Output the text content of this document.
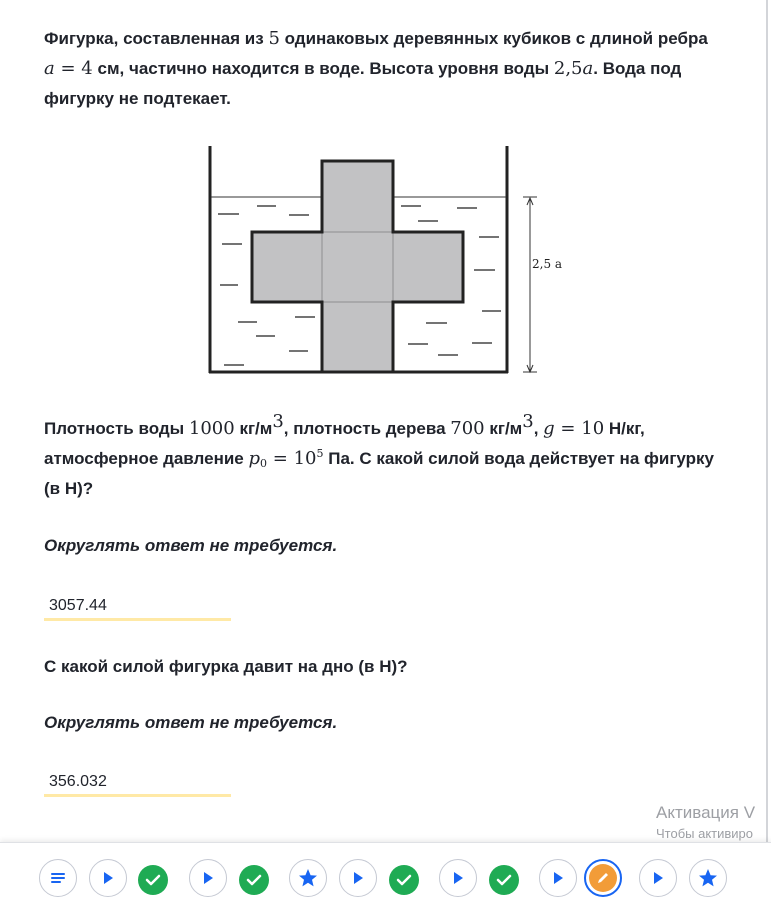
Фигурка, составленная из 5 одинаковых деревянных кубиков с длиной ребра
a = 4 см, частично находится в воде. Высота уровня воды 2,5a. Вода под фигурку не подтекает.

2,5 a

Плотность воды 1000 $кг/м^3$, плотность дерева 700 $кг/м^3$, g = 10 Н/кг,
атмосферное давление $p_0 = 10^5$ Па. С какой силой вода действует на фигурку (в Н)?

Округлять ответ не требуется.
3057.44
С какой силой фигурка давит на дно (в Н)?
Округлять ответ не требуется.
356.032
Активация V
Чтобы активиро
